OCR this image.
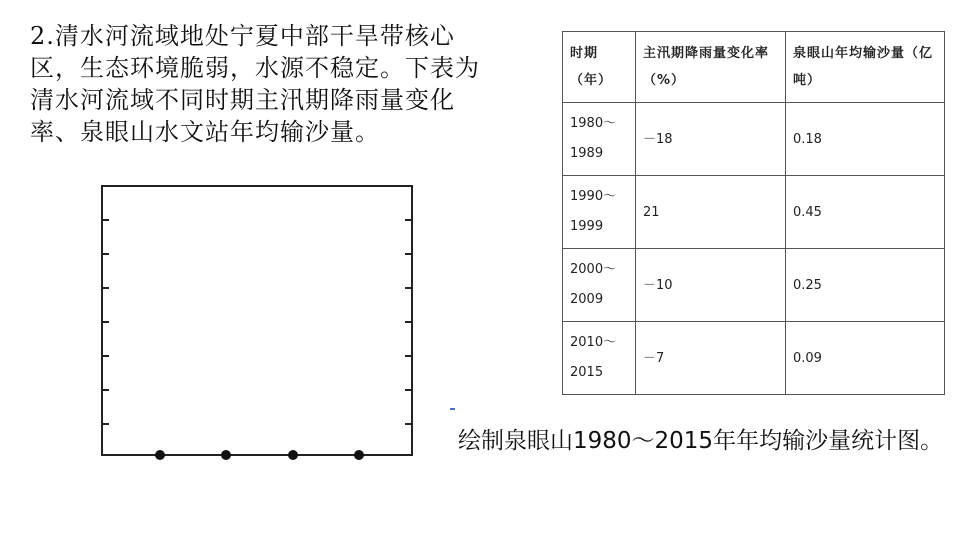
2.清水河流域地处宁夏中部干旱带核心区，生态环境脆弱，水源不稳定。下表为清水河流域不同时期主汛期降雨量变化率、泉眼山水文站年均输沙量。
时期（年）	主汛期降雨量变化率（%）	泉眼山年均输沙量（亿吨）
1980～1989	－18	0.18
1990～1999	21	0.45
2000～2009	－10	0.25
2010～2015	－7	0.09
绘制泉眼山1980～2015年年均输沙量统计图。
